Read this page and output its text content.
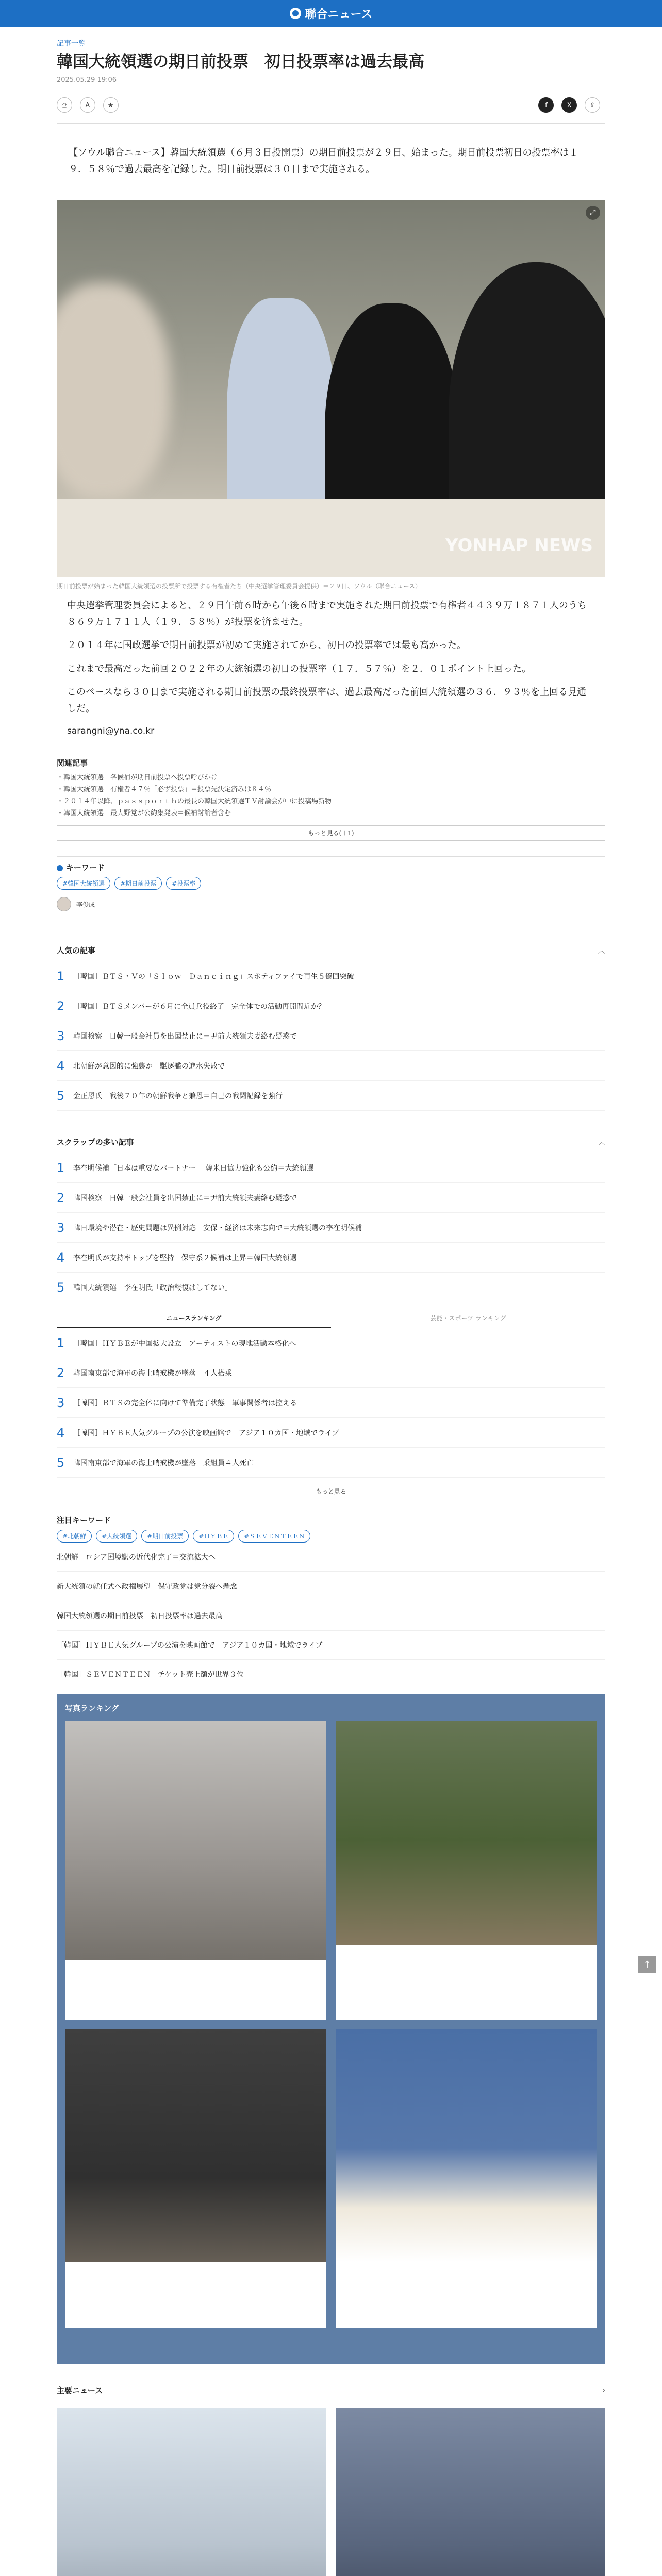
聯合ニュース
記事一覧
韓国大統領選の期日前投票　初日投票率は過去最高
2025.05.29 19:06
⎙	A	★	f	X	⇪
【ソウル聯合ニュース】韓国大統領選（６月３日投開票）の期日前投票が２９日、始まった。期日前投票初日の投票率は１９．５８％で過去最高を記録した。期日前投票は３０日まで実施される。
⤢
YONHAP NEWS
期日前投票が始まった韓国大統領選の投票所で投票する有権者たち（中央選挙管理委員会提供）＝２９日、ソウル（聯合ニュース）

中央選挙管理委員会によると、２９日午前６時から午後６時まで実施された期日前投票で有権者４４３９万１８７１人のうち８６９万１７１１人（１９．５８％）が投票を済ませた。

２０１４年に国政選挙で期日前投票が初めて実施されてから、初日の投票率では最も高かった。

これまで最高だった前回２０２２年の大統領選の初日の投票率（１７．５７％）を２．０１ポイント上回った。

このペースなら３０日まで実施される期日前投票の最終投票率は、過去最高だった前回大統領選の３６．９３％を上回る見通しだ。

sarangni@yna.co.kr
関連記事
・韓国大統領選　各候補が期日前投票へ投票呼びかけ
・韓国大統領選　有権者４７％「必ず投票」＝投票先決定済みは８４％
・２０１４年以降、ｐａｓｓｐｏｒｔｈの最長の韓国大統領選ＴＶ討論会が中に投稿場新物
・韓国大統領選　最大野党が公約集発表＝候補討論者含む
もっと見る(＋1)
キーワード
#韓国大統領選	#期日前投票	#投票率
李俊成
人気の記事	︿
1 ［韓国］ＢＴＳ・Ｖの「Ｓｌｏｗ　Ｄａｎｃｉｎｇ」スポティファイで再生５億回突破
2 ［韓国］ＢＴＳメンバーが６月に全員兵役終了　完全体での活動再開間近か？
3 韓国検察　日韓一般会社員を出国禁止に＝尹前大統領夫妻絡む疑惑で
4 北朝鮮が意図的に強襲か　駆逐艦の進水失敗で
5 金正恩氏　戦後７０年の朝鮮戦争と兼恩＝自己の戦闘記録を強行
スクラップの多い記事	︿
1 李在明候補「日本は重要なパートナー」 韓米日協力強化も公約＝大統領選
2 韓国検察　日韓一般会社員を出国禁止に＝尹前大統領夫妻絡む疑惑で
3 韓日環境や潜在・歴史問題は異例対応　安保・経済は未来志向で＝大統領選の李在明候補
4 李在明氏が支持率トップを堅持　保守系２候補は上昇＝韓国大統領選
5 韓国大統領選　李在明氏「政治報復はしてない」
ニュースランキング	芸能・スポーツ ランキング
1 ［韓国］ＨＹＢＥが中国拡大設立　アーティストの現地活動本格化へ
2 韓国南東部で海軍の海上哨戒機が墜落　４人搭乗
3 ［韓国］ＢＴＳの完全体に向けて準備完了状態　軍事関係者は控える
4 ［韓国］ＨＹＢＥ人気グループの公演を映画館で　アジア１０カ国・地域でライブ
5 韓国南東部で海軍の海上哨戒機が墜落　乗組員４人死亡
もっと見る
注目キーワード
#北朝鮮	#大統領選	#期日前投票	#ＨＹＢＥ	#ＳＥＶＥＮＴＥＥＮ
北朝鮮　ロシア国境駅の近代化完了＝交流拡大へ
新大統領の就任式へ政権展望　保守政党は党分裂へ懸念
韓国大統領選の期日前投票　初日投票率は過去最高
［韓国］ＨＹＢＥ人気グループの公演を映画館で　アジア１０カ国・地域でライブ
［韓国］ＳＥＶＥＮＴＥＥＮ　チケット売上額が世界３位
写真ランキング
ソウルで工場棟のビルで火災	海軍哨戒機が墜落現場周辺
海軍哨戒機の墜落現場	韓国で「悠悠ラーメン」発売
主要ニュース	›
↑
